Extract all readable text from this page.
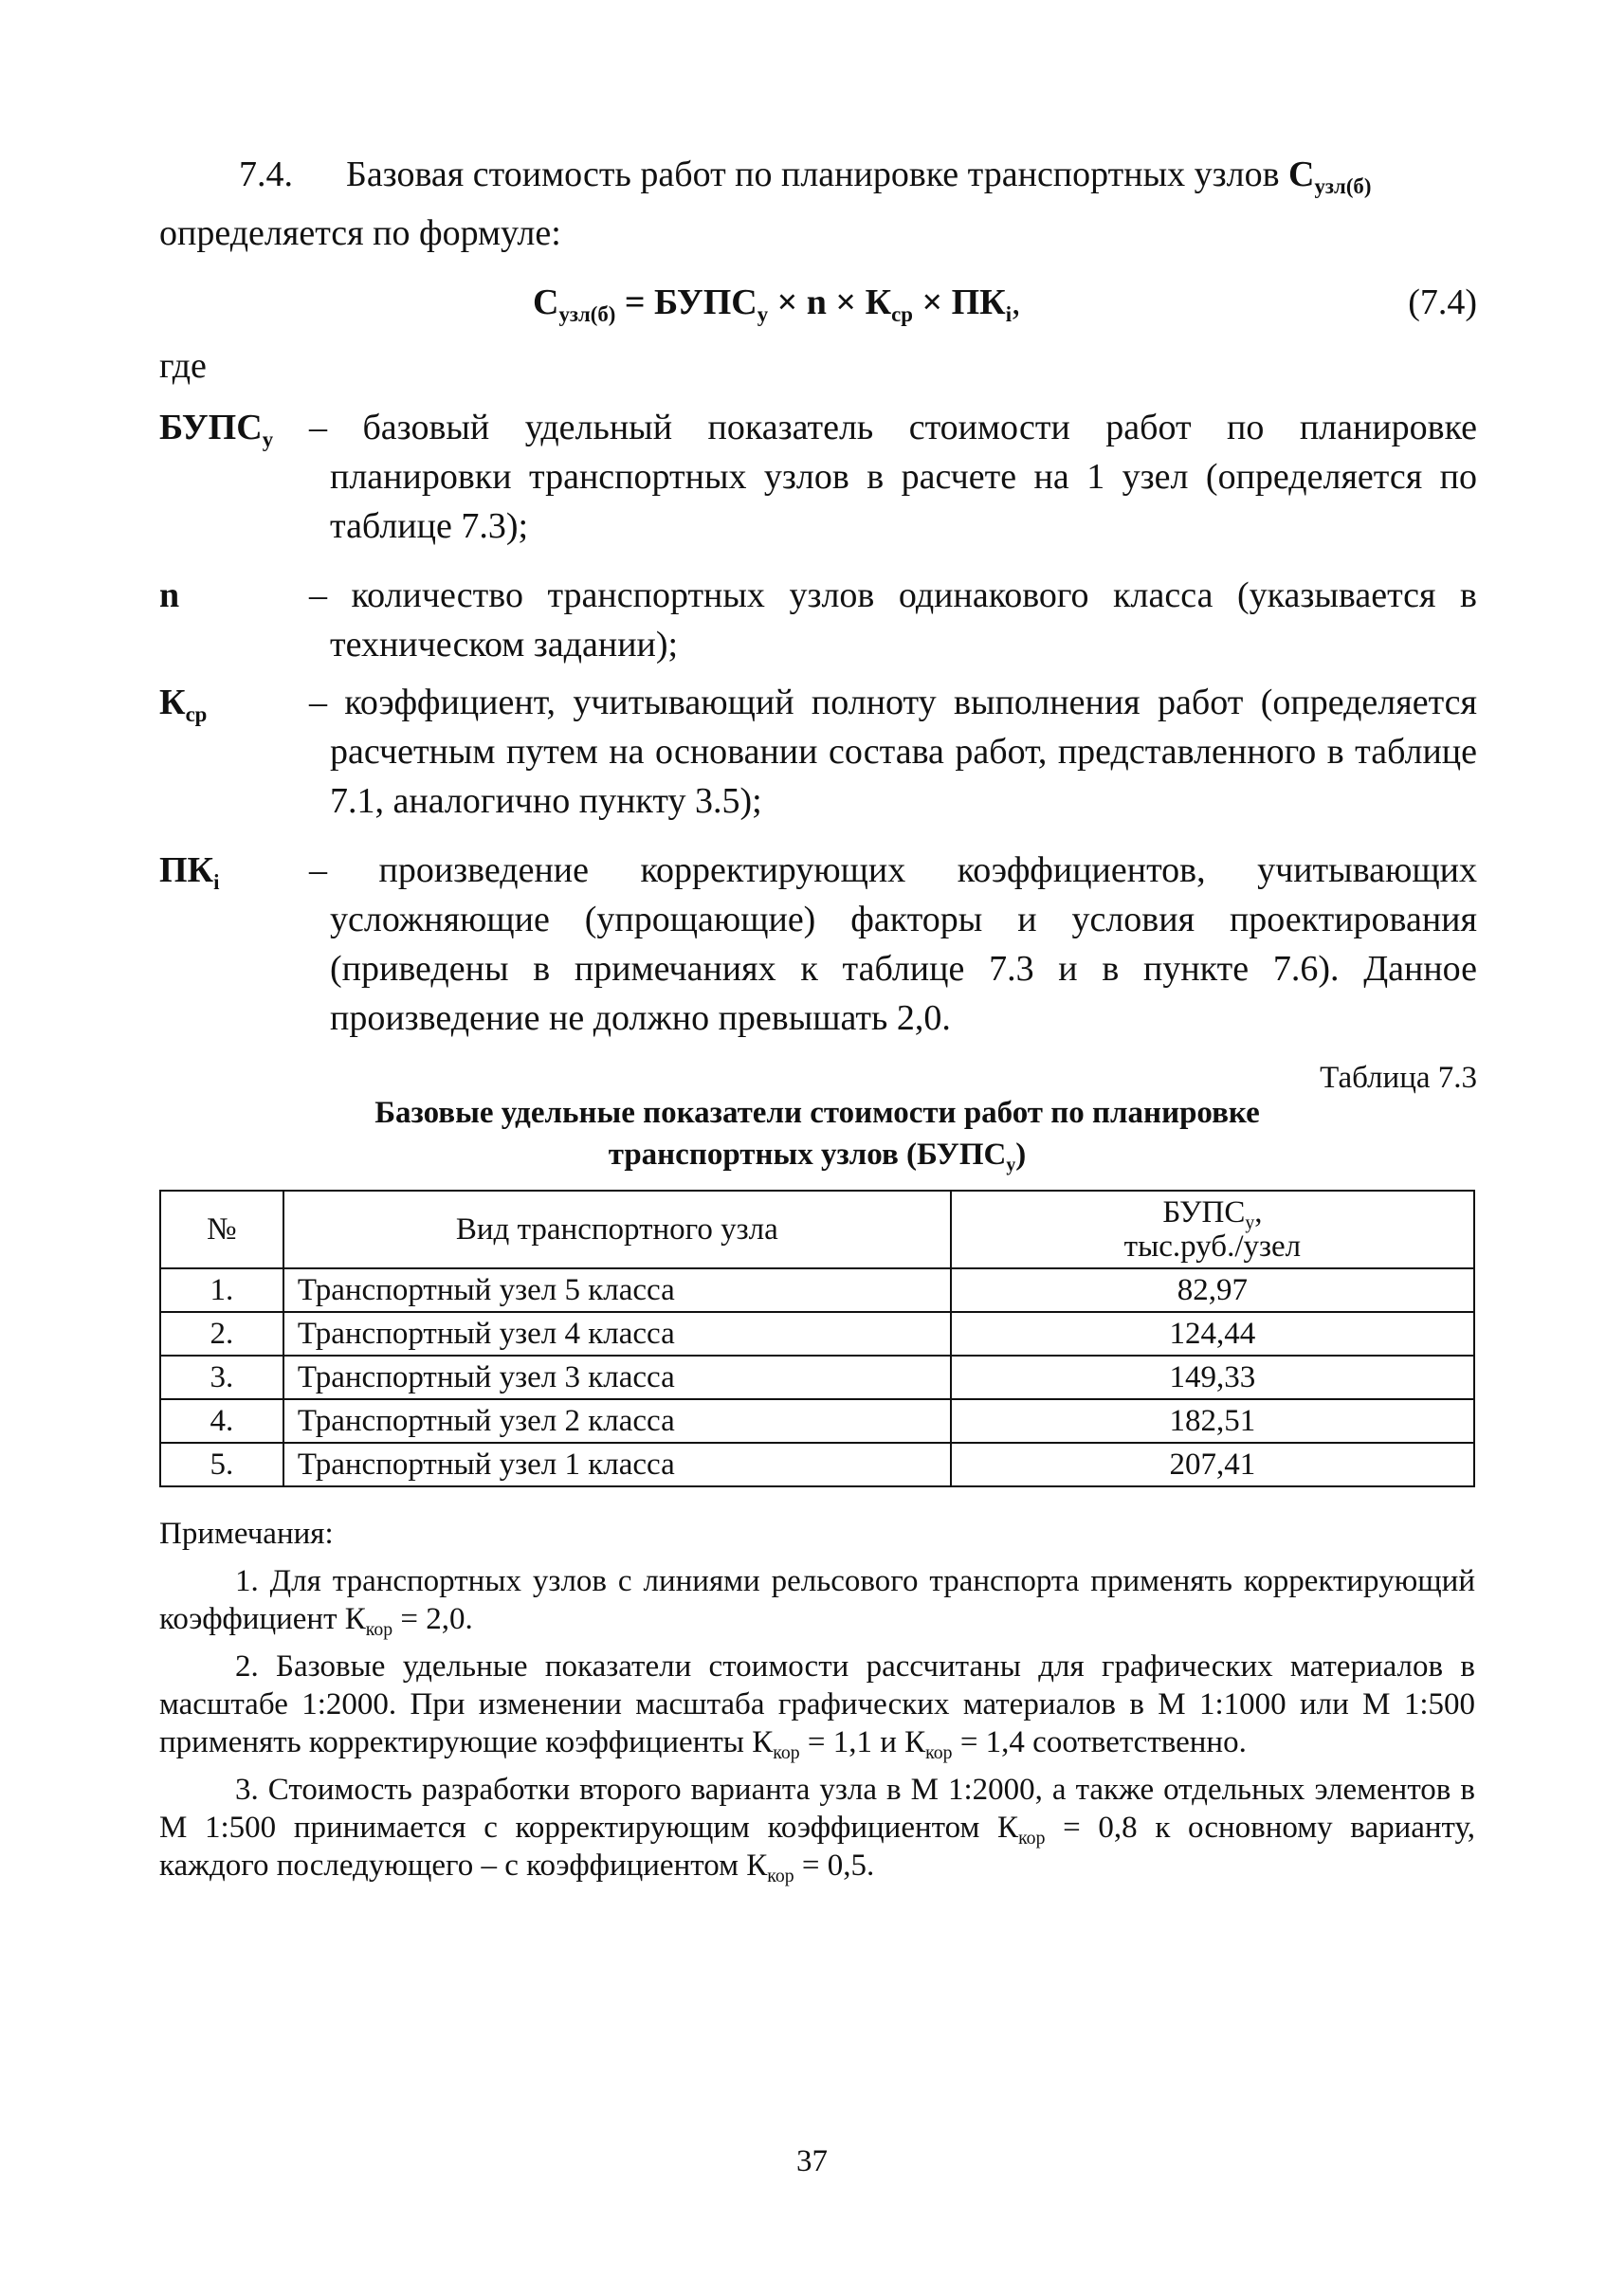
7.4. Базовая стоимость работ по планировке транспортных узлов $С_{узл(б)}$
определяется по формуле:
$С_{узл(б)}$ = $БУПС_у \times n \times К_{ср} \times ПК_i$,	(7.4)
где
$БУПС_у$ – базовый удельный показатель стоимости работ по планировке планировки транспортных узлов в расчете на 1 узел (определяется по таблице 7.3);
n	– количество транспортных узлов одинакового класса (указывается в техническом задании);
$К_{ср}$	– коэффициент, учитывающий полноту выполнения работ (определяется расчетным путем на основании состава работ, представленного в таблице 7.1, аналогично пункту 3.5);
$ПК_i$ – произведение корректирующих коэффициентов, учитывающих усложняющие (упрощающие) факторы и условия проектирования (приведены в примечаниях к таблице 7.3 и в пункте 7.6). Данное произведение не должно превышать 2,0.
Таблица 7.3
Базовые удельные показатели стоимости работ по планировке
транспортных узлов $(БУПС_у)$
№	Вид транспортного узла	$БУПС_у$,
тыс.руб./узел
1.	Транспортный узел 5 класса	82,97
2.	Транспортный узел 4 класса	124,44
3.	Транспортный узел 3 класса	149,33
4.	Транспортный узел 2 класса	182,51
5.	Транспортный узел 1 класса	207,41
Примечания:
1. Для транспортных узлов с линиями рельсового транспорта применять корректирующий коэффициент $К_{кор} = 2,0$.
2. Базовые удельные показатели стоимости рассчитаны для графических материалов в масштабе 1:2000. При изменении масштаба графических материалов в М 1:1000 или М 1:500 применять корректирующие коэффициенты $К_{кор} = 1,1$ и $К_{кор} = 1,4$ соответственно.
3. Стоимость разработки второго варианта узла в М 1:2000, а также отдельных элементов в М 1:500 принимается с корректирующим коэффициентом $К_{кор} = 0,8$ к основному варианту, каждого последующего – с коэффициентом $К_{кор} = 0,5$.
37
